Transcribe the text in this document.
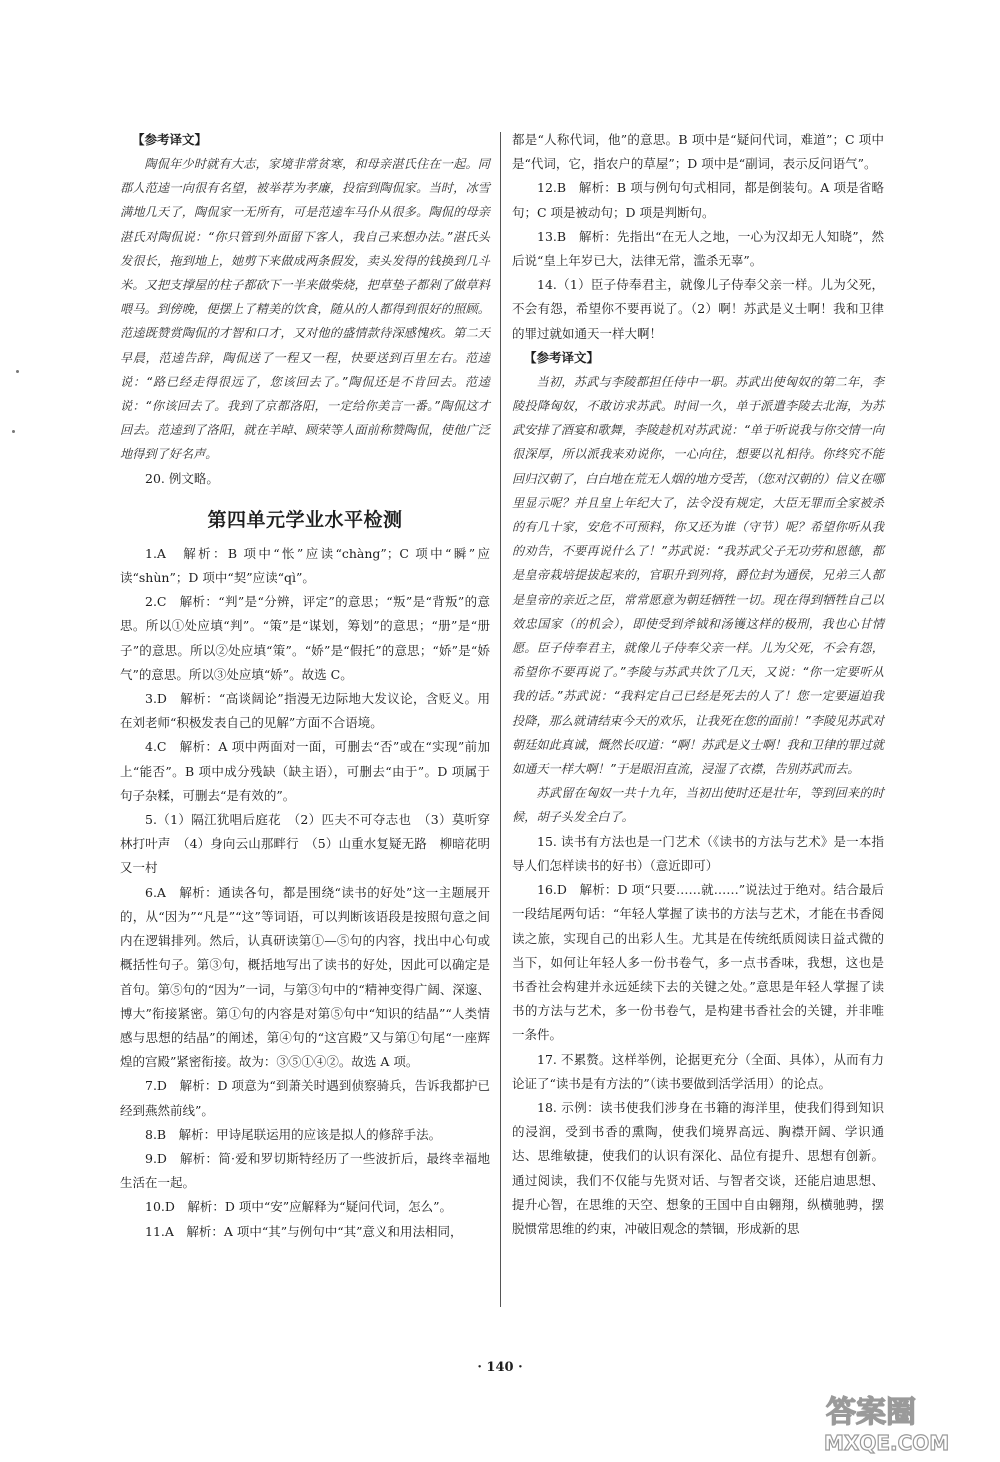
【参考译文】

陶侃年少时就有大志，家境非常贫寒，和母亲湛氏住在一起。同郡人范逵一向很有名望，被举荐为孝廉，投宿到陶侃家。当时，冰雪满地几天了，陶侃家一无所有，可是范逵车马仆从很多。陶侃的母亲湛氏对陶侃说：“你只管到外面留下客人，我自己来想办法。”湛氏头发很长，拖到地上，她剪下来做成两条假发，卖头发得的钱换到几斗米。又把支撑屋的柱子都砍下一半来做柴烧，把草垫子都剁了做草料喂马。到傍晚，便摆上了精美的饮食，随从的人都得到很好的照顾。范逵既赞赏陶侃的才智和口才，又对他的盛情款待深感愧疚。第二天早晨，范逵告辞，陶侃送了一程又一程，快要送到百里左右。范逵说：“路已经走得很远了，您该回去了。”陶侃还是不肯回去。范逵说：“你该回去了。我到了京都洛阳，一定给你美言一番。”陶侃这才回去。范逵到了洛阳，就在羊晫、顾荣等人面前称赞陶侃，使他广泛地得到了好名声。

20. 例文略。

第四单元学业水平检测

1.A　解析：B 项中“怅”应读“chàng”；C 项中“瞬”应读“shùn”；D 项中“契”应读“qì”。

2.C　解析：“判”是“分辨，评定”的意思；“叛”是“背叛”的意思。所以①处应填“判”。“策”是“谋划，筹划”的意思；“册”是“册子”的意思。所以②处应填“策”。“娇”是“假托”的意思；“娇”是“娇气”的意思。所以③处应填“娇”。故选 C。

3.D　解析：“高谈阔论”指漫无边际地大发议论，含贬义。用在刘老师“积极发表自己的见解”方面不合语境。

4.C　解析：A 项中两面对一面，可删去“否”或在“实现”前加上“能否”。B 项中成分残缺（缺主语），可删去“由于”。D 项属于句子杂糅，可删去“是有效的”。

5.（1）隔江犹唱后庭花　（2）匹夫不可夺志也　（3）莫听穿林打叶声　（4）身向云山那畔行　（5）山重水复疑无路　柳暗花明又一村

6.A　解析：通读各句，都是围绕“读书的好处”这一主题展开的，从“因为”“凡是”“这”等词语，可以判断该语段是按照句意之间内在逻辑排列。然后，认真研读第①—⑤句的内容，找出中心句或概括性句子。第③句，概括地写出了读书的好处，因此可以确定是首句。第⑤句的“因为”一词，与第③句中的“精神变得广阔、深邃、博大”衔接紧密。第①句的内容是对第⑤句中“知识的结晶”“人类情感与思想的结晶”的阐述，第④句的“这宫殿”又与第①句尾“一座辉煌的宫殿”紧密衔接。故为：③⑤①④②。故选 A 项。

7.D　解析：D 项意为“到萧关时遇到侦察骑兵，告诉我都护已经到燕然前线”。

8.B　解析：甲诗尾联运用的应该是拟人的修辞手法。

9.D　解析：简·爱和罗切斯特经历了一些波折后，最终幸福地生活在一起。

10.D　解析：D 项中“安”应解释为“疑问代词，怎么”。

11.A　解析：A 项中“其”与例句中“其”意义和用法相同，

都是“人称代词，他”的意思。B 项中是“疑问代词，难道”；C 项中是“代词，它，指农户的草屋”；D 项中是“副词，表示反问语气”。

12.B　解析：B 项与例句句式相同，都是倒装句。A 项是省略句；C 项是被动句；D 项是判断句。

13.B　解析：先指出“在无人之地，一心为汉却无人知晓”，然后说“皇上年岁已大，法律无常，滥杀无辜”。

14.（1）臣子侍奉君主，就像儿子侍奉父亲一样。儿为父死，不会有怨，希望你不要再说了。（2）啊！苏武是义士啊！我和卫律的罪过就如通天一样大啊！

【参考译文】

当初，苏武与李陵都担任侍中一职。苏武出使匈奴的第二年，李陵投降匈奴，不敢访求苏武。时间一久，单于派遣李陵去北海，为苏武安排了酒宴和歌舞，李陵趁机对苏武说：“单于听说我与你交情一向很深厚，所以派我来劝说你，一心向往，想要以礼相待。你终究不能回归汉朝了，白白地在荒无人烟的地方受苦，（您对汉朝的）信义在哪里显示呢？并且皇上年纪大了，法令没有规定，大臣无罪而全家被杀的有几十家，安危不可预料，你又还为谁（守节）呢？希望你听从我的劝告，不要再说什么了！”苏武说：“我苏武父子无功劳和恩德，都是皇帝栽培提拔起来的，官职升到列将，爵位封为通侯，兄弟三人都是皇帝的亲近之臣，常常愿意为朝廷牺牲一切。现在得到牺牲自己以效忠国家（的机会），即使受到斧钺和汤镬这样的极刑，我也心甘情愿。臣子侍奉君主，就像儿子侍奉父亲一样。儿为父死，不会有怨，希望你不要再说了。”李陵与苏武共饮了几天，又说：“你一定要听从我的话。”苏武说：“我料定自己已经是死去的人了！您一定要逼迫我投降，那么就请结束今天的欢乐，让我死在您的面前！”李陵见苏武对朝廷如此真诚，慨然长叹道：“啊！苏武是义士啊！我和卫律的罪过就如通天一样大啊！”于是眼泪直流，浸湿了衣襟，告别苏武而去。

苏武留在匈奴一共十九年，当初出使时还是壮年，等到回来的时候，胡子头发全白了。

15. 读书有方法也是一门艺术（《读书的方法与艺术》是一本指导人们怎样读书的好书）（意近即可）

16.D　解析：D 项“只要……就……”说法过于绝对。结合最后一段结尾两句话：“年轻人掌握了读书的方法与艺术，才能在书香阅读之旅，实现自己的出彩人生。尤其是在传统纸质阅读日益式微的当下，如何让年轻人多一份书卷气，多一点书香味，我想，这也是书香社会构建并永远延续下去的关键之处。”意思是年轻人掌握了读书的方法与艺术，多一份书卷气，是构建书香社会的关键，并非唯一条件。

17. 不累赘。这样举例，论据更充分（全面、具体），从而有力论证了“读书是有方法的”（读书要做到活学活用）的论点。

18. 示例：读书使我们涉身在书籍的海洋里，使我们得到知识的浸润，受到书香的熏陶，使我们境界高远、胸襟开阔、学识通达、思维敏捷，使我们的认识有深化、品位有提升、思想有创新。通过阅读，我们不仅能与先贤对话、与智者交谈，还能启迪思想、提升心智，在思维的天空、想象的王国中自由翱翔，纵横驰骋，摆脱惯常思维的约束，冲破旧观念的禁锢，形成新的思

· 140 ·
答案圈
MXQE.COM
